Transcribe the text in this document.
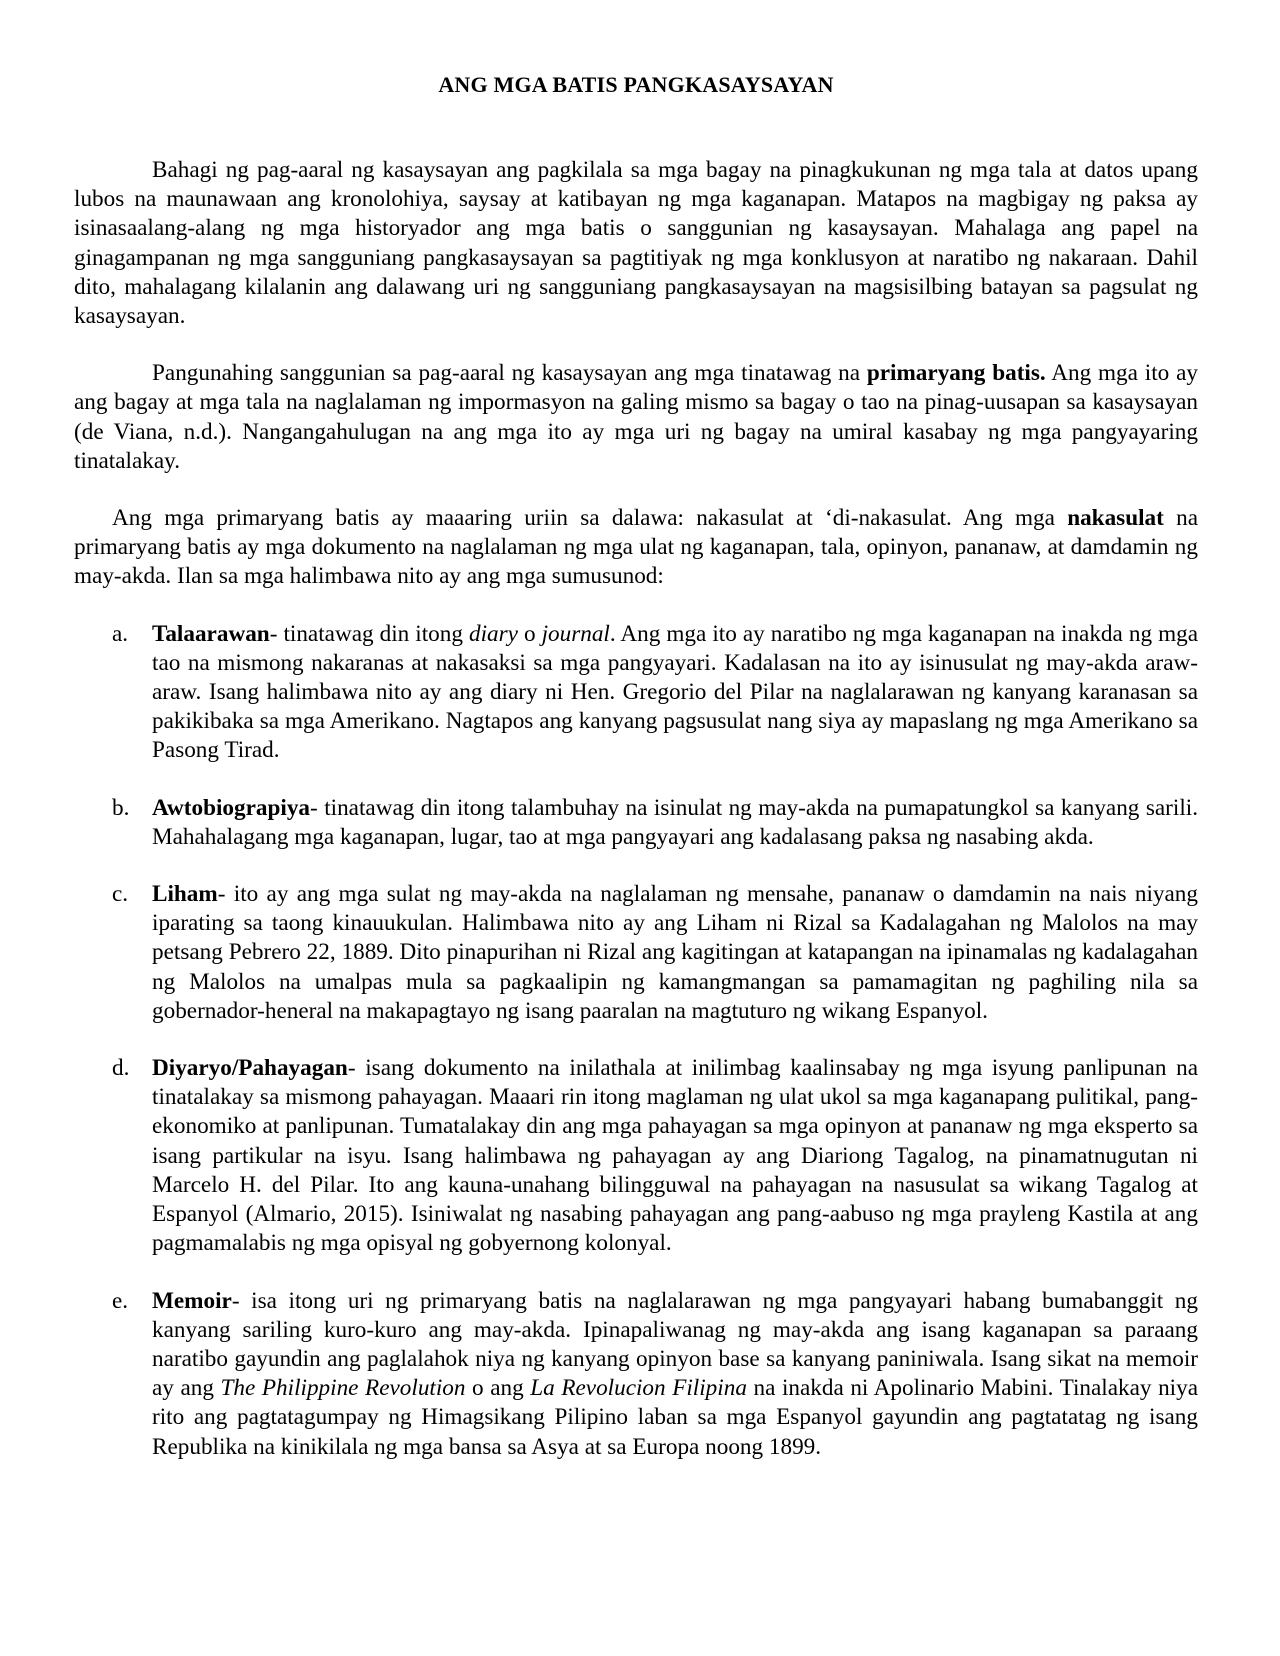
ANG MGA BATIS PANGKASAYSAYAN

Bahagi ng pag-aaral ng kasaysayan ang pagkilala sa mga bagay na pinagkukunan ng mga tala at datos upang lubos na maunawaan ang kronolohiya, saysay at katibayan ng mga kaganapan. Matapos na magbigay ng paksa ay isinasaalang-alang ng mga historyador ang mga batis o sanggunian ng kasaysayan. Mahalaga ang papel na ginagampanan ng mga sangguniang pangkasaysayan sa pagtitiyak ng mga konklusyon at naratibo ng nakaraan. Dahil dito, mahalagang kilalanin ang dalawang uri ng sangguniang pangkasaysayan na magsisilbing batayan sa pagsulat ng kasaysayan.

Pangunahing sanggunian sa pag-aaral ng kasaysayan ang mga tinatawag na primaryang batis. Ang mga ito ay ang bagay at mga tala na naglalaman ng impormasyon na galing mismo sa bagay o tao na pinag-uusapan sa kasaysayan (de Viana, n.d.). Nangangahulugan na ang mga ito ay mga uri ng bagay na umiral kasabay ng mga pangyayaring tinatalakay.

Ang mga primaryang batis ay maaaring uriin sa dalawa: nakasulat at ‘di-nakasulat. Ang mga nakasulat na primaryang batis ay mga dokumento na naglalaman ng mga ulat ng kaganapan, tala, opinyon, pananaw, at damdamin ng may-akda. Ilan sa mga halimbawa nito ay ang mga sumusunod:

a. Talaarawan- tinatawag din itong diary o journal. Ang mga ito ay naratibo ng mga kaganapan na inakda ng mga tao na mismong nakaranas at nakasaksi sa mga pangyayari. Kadalasan na ito ay isinusulat ng may-akda araw-araw. Isang halimbawa nito ay ang diary ni Hen. Gregorio del Pilar na naglalarawan ng kanyang karanasan sa pakikibaka sa mga Amerikano. Nagtapos ang kanyang pagsusulat nang siya ay mapaslang ng mga Amerikano sa Pasong Tirad.
b. Awtobiograpiya- tinatawag din itong talambuhay na isinulat ng may-akda na pumapatungkol sa kanyang sarili. Mahahalagang mga kaganapan, lugar, tao at mga pangyayari ang kadalasang paksa ng nasabing akda.
c. Liham- ito ay ang mga sulat ng may-akda na naglalaman ng mensahe, pananaw o damdamin na nais niyang iparating sa taong kinauukulan. Halimbawa nito ay ang Liham ni Rizal sa Kadalagahan ng Malolos na may petsang Pebrero 22, 1889. Dito pinapurihan ni Rizal ang kagitingan at katapangan na ipinamalas ng kadalagahan ng Malolos na umalpas mula sa pagkaalipin ng kamangmangan sa pamamagitan ng paghiling nila sa gobernador-heneral na makapagtayo ng isang paaralan na magtuturo ng wikang Espanyol.
d. Diyaryo/Pahayagan- isang dokumento na inilathala at inilimbag kaalinsabay ng mga isyung panlipunan na tinatalakay sa mismong pahayagan. Maaari rin itong maglaman ng ulat ukol sa mga kaganapang pulitikal, pang-ekonomiko at panlipunan. Tumatalakay din ang mga pahayagan sa mga opinyon at pananaw ng mga eksperto sa isang partikular na isyu. Isang halimbawa ng pahayagan ay ang Diariong Tagalog, na pinamatnugutan ni Marcelo H. del Pilar. Ito ang kauna-unahang bilingguwal na pahayagan na nasusulat sa wikang Tagalog at Espanyol (Almario, 2015). Isiniwalat ng nasabing pahayagan ang pang-aabuso ng mga prayleng Kastila at ang pagmamalabis ng mga opisyal ng gobyernong kolonyal.
e. Memoir- isa itong uri ng primaryang batis na naglalarawan ng mga pangyayari habang bumabanggit ng kanyang sariling kuro-kuro ang may-akda. Ipinapaliwanag ng may-akda ang isang kaganapan sa paraang naratibo gayundin ang paglalahok niya ng kanyang opinyon base sa kanyang paniniwala. Isang sikat na memoir ay ang The Philippine Revolution o ang La Revolucion Filipina na inakda ni Apolinario Mabini. Tinalakay niya rito ang pagtatagumpay ng Himagsikang Pilipino laban sa mga Espanyol gayundin ang pagtatatag ng isang Republika na kinikilala ng mga bansa sa Asya at sa Europa noong 1899.
